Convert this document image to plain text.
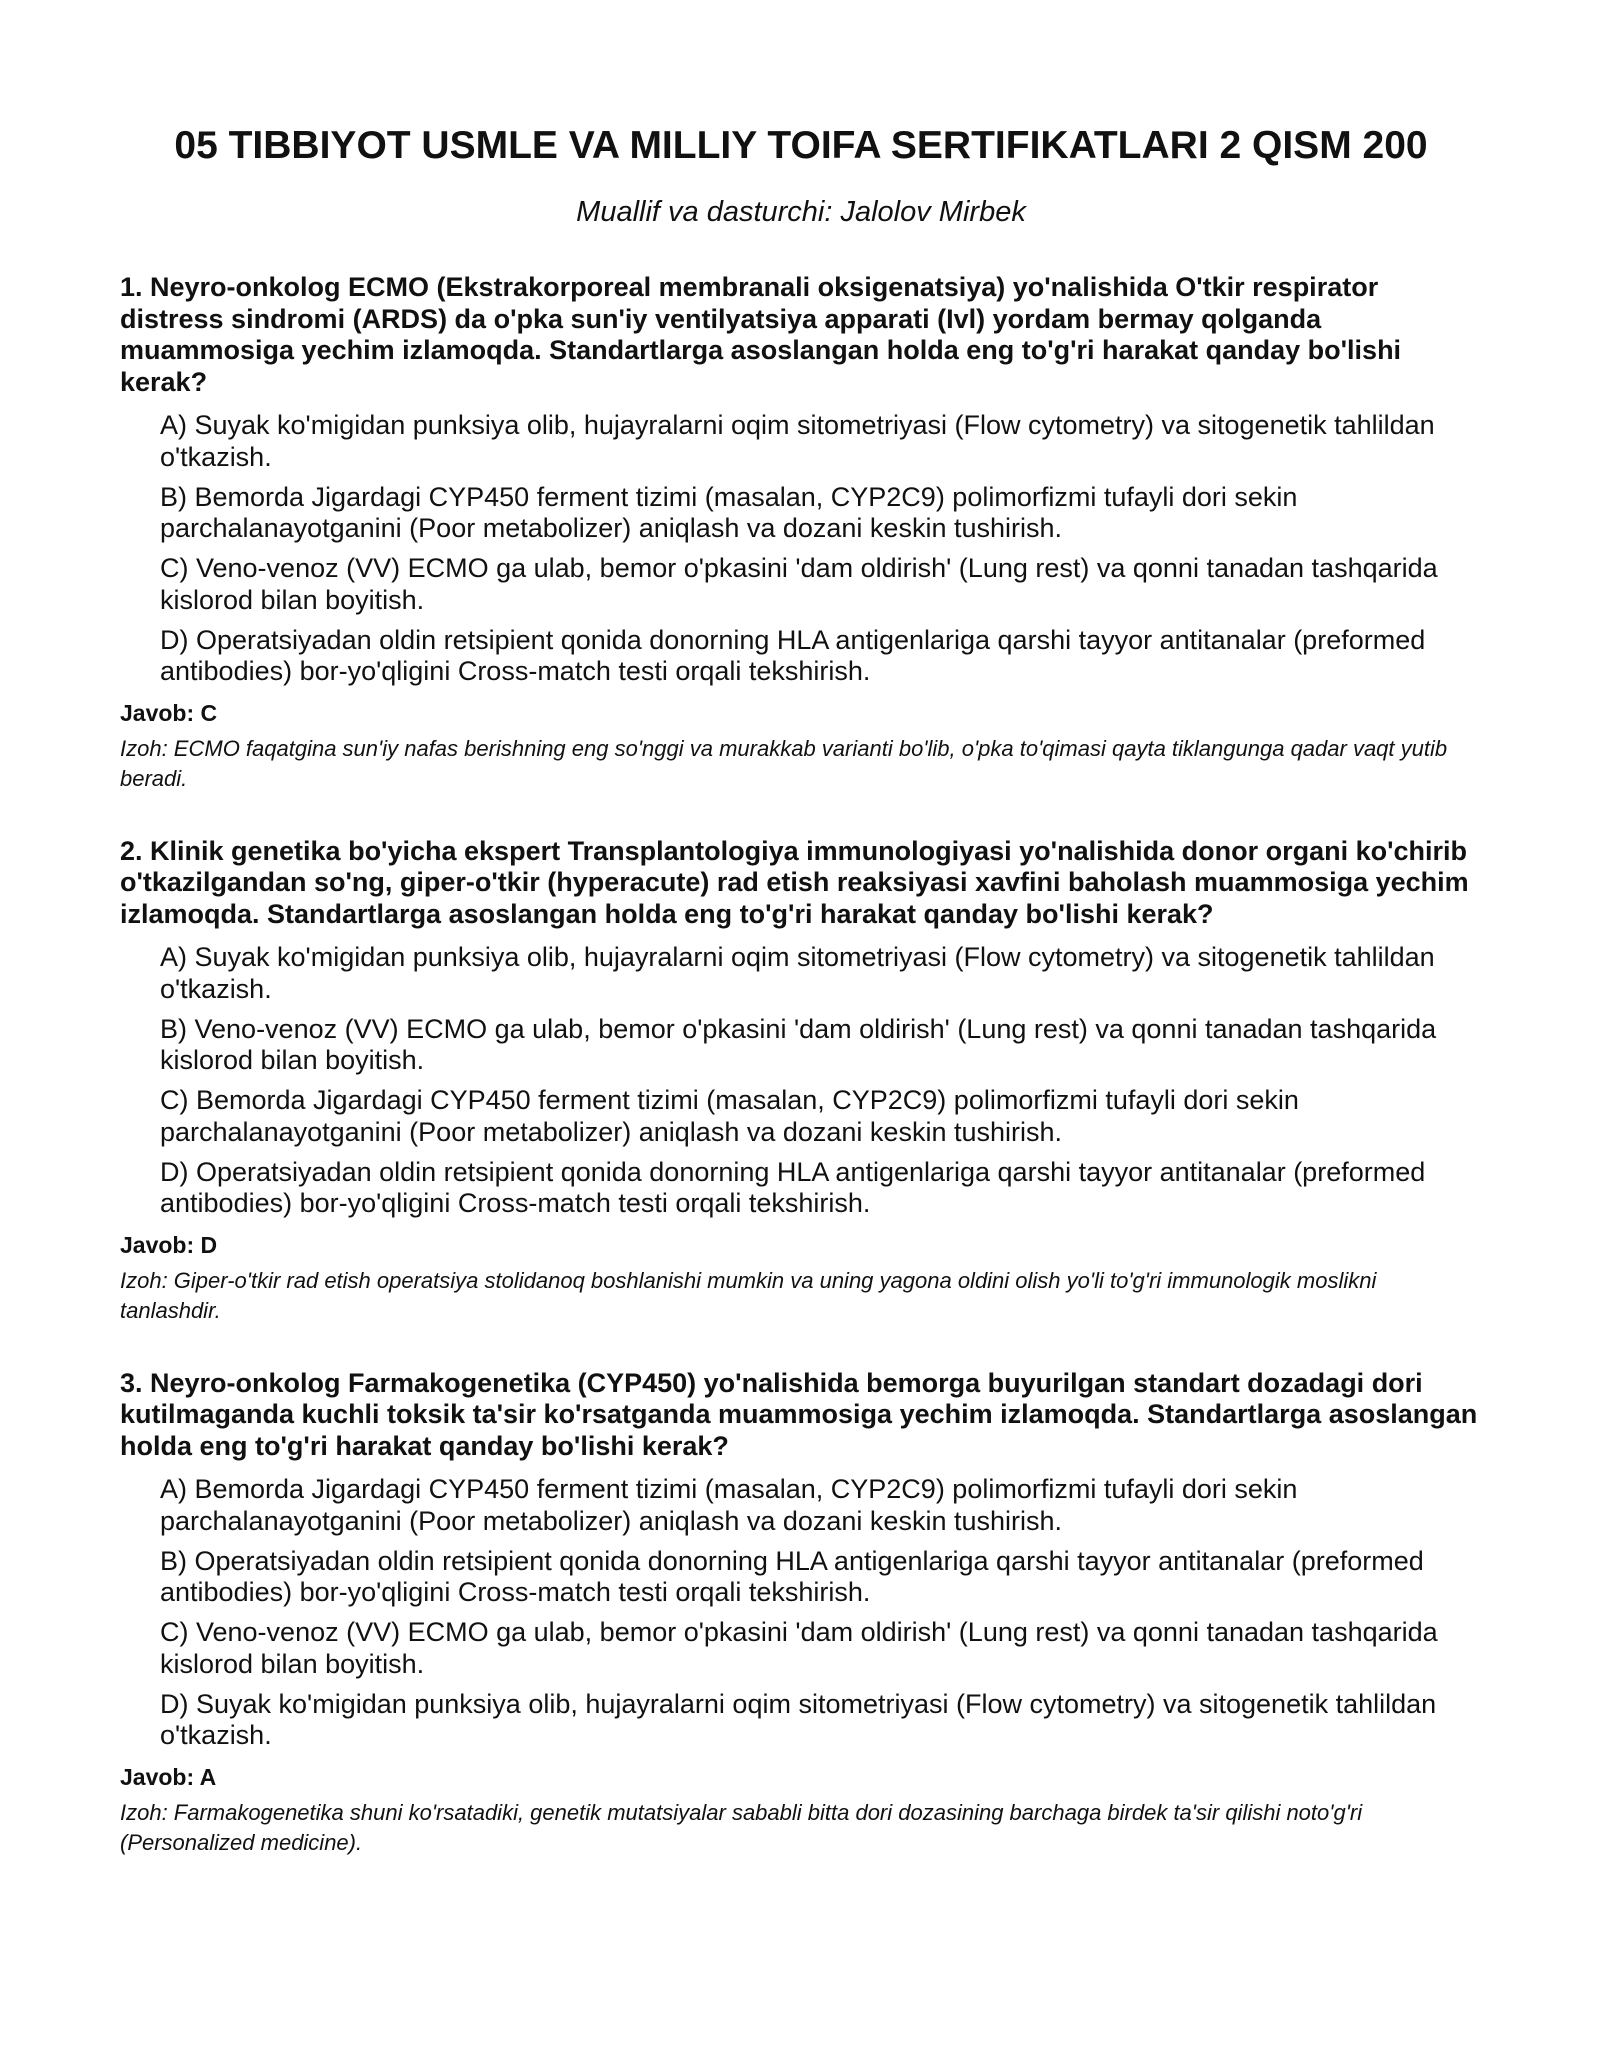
05 TIBBIYOT USMLE VA MILLIY TOIFA SERTIFIKATLARI 2 QISM 200

Muallif va dasturchi: Jalolov Mirbek

1. Neyro-onkolog ECMO (Ekstrakorporeal membranali oksigenatsiya) yo'nalishida O'tkir respirator distress sindromi (ARDS) da o'pka sun'iy ventilyatsiya apparati (Ivl) yordam bermay qolganda muammosiga yechim izlamoqda. Standartlarga asoslangan holda eng to'g'ri harakat qanday bo'lishi kerak?

A) Suyak ko'migidan punksiya olib, hujayralarni oqim sitometriyasi (Flow cytometry) va sitogenetik tahlildan o'tkazish.
B) Bemorda Jigardagi CYP450 ferment tizimi (masalan, CYP2C9) polimorfizmi tufayli dori sekin parchalanayotganini (Poor metabolizer) aniqlash va dozani keskin tushirish.
C) Veno-venoz (VV) ECMO ga ulab, bemor o'pkasini 'dam oldirish' (Lung rest) va qonni tanadan tashqarida kislorod bilan boyitish.
D) Operatsiyadan oldin retsipient qonida donorning HLA antigenlariga qarshi tayyor antitanalar (preformed antibodies) bor-yo'qligini Cross-match testi orqali tekshirish.

Javob: C

Izoh: ECMO faqatgina sun'iy nafas berishning eng so'nggi va murakkab varianti bo'lib, o'pka to'qimasi qayta tiklangunga qadar vaqt yutib beradi.

2. Klinik genetika bo'yicha ekspert Transplantologiya immunologiyasi yo'nalishida donor organi ko'chirib o'tkazilgandan so'ng, giper-o'tkir (hyperacute) rad etish reaksiyasi xavfini baholash muammosiga yechim izlamoqda. Standartlarga asoslangan holda eng to'g'ri harakat qanday bo'lishi kerak?

A) Suyak ko'migidan punksiya olib, hujayralarni oqim sitometriyasi (Flow cytometry) va sitogenetik tahlildan o'tkazish.
B) Veno-venoz (VV) ECMO ga ulab, bemor o'pkasini 'dam oldirish' (Lung rest) va qonni tanadan tashqarida kislorod bilan boyitish.
C) Bemorda Jigardagi CYP450 ferment tizimi (masalan, CYP2C9) polimorfizmi tufayli dori sekin parchalanayotganini (Poor metabolizer) aniqlash va dozani keskin tushirish.
D) Operatsiyadan oldin retsipient qonida donorning HLA antigenlariga qarshi tayyor antitanalar (preformed antibodies) bor-yo'qligini Cross-match testi orqali tekshirish.

Javob: D

Izoh: Giper-o'tkir rad etish operatsiya stolidanoq boshlanishi mumkin va uning yagona oldini olish yo'li to'g'ri immunologik moslikni tanlashdir.

3. Neyro-onkolog Farmakogenetika (CYP450) yo'nalishida bemorga buyurilgan standart dozadagi dori kutilmaganda kuchli toksik ta'sir ko'rsatganda muammosiga yechim izlamoqda. Standartlarga asoslangan holda eng to'g'ri harakat qanday bo'lishi kerak?

A) Bemorda Jigardagi CYP450 ferment tizimi (masalan, CYP2C9) polimorfizmi tufayli dori sekin parchalanayotganini (Poor metabolizer) aniqlash va dozani keskin tushirish.
B) Operatsiyadan oldin retsipient qonida donorning HLA antigenlariga qarshi tayyor antitanalar (preformed antibodies) bor-yo'qligini Cross-match testi orqali tekshirish.
C) Veno-venoz (VV) ECMO ga ulab, bemor o'pkasini 'dam oldirish' (Lung rest) va qonni tanadan tashqarida kislorod bilan boyitish.
D) Suyak ko'migidan punksiya olib, hujayralarni oqim sitometriyasi (Flow cytometry) va sitogenetik tahlildan o'tkazish.

Javob: A

Izoh: Farmakogenetika shuni ko'rsatadiki, genetik mutatsiyalar sababli bitta dori dozasining barchaga birdek ta'sir qilishi noto'g'ri (Personalized medicine).
